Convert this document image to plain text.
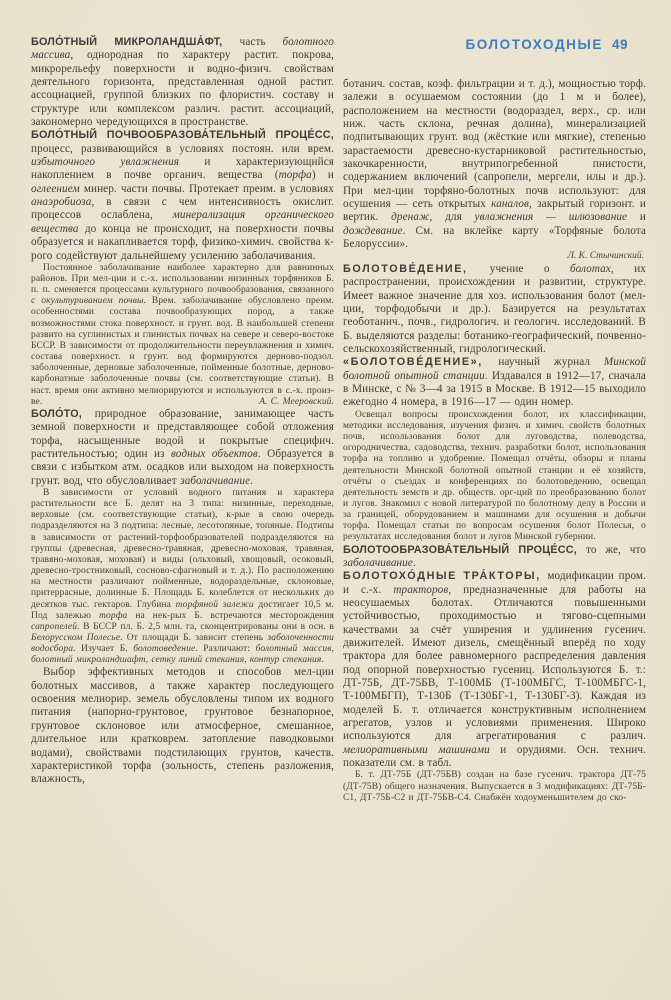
БОЛОТОХОДНЫЕ 49

БОЛО́ТНЫЙ МИКРОЛАНДША́ФТ, часть болотного массива, однородная по характеру растит. покрова, микрорельефу поверхности и водно-физич. свойствам деятельного горизонта, представленная одной растит. ассоциацией, группой близких по флористич. составу и структуре или комплексом различ. растит. ассоциаций, закономерно чередующихся в пространстве.

БОЛО́ТНЫЙ ПОЧВООБРАЗОВА́ТЕЛЬНЫЙ ПРОЦЕ́СС, процесс, развивающийся в условиях постоян. или врем. избыточного увлажнения и характеризующийся накоплением в почве органич. вещества (торфа) и оглеением минер. части почвы. Протекает преим. в условиях анаэробиоза, в связи с чем интенсивность окислит. процессов ослаблена, минерализация органического вещества до конца не происходит, на поверхности почвы образуется и накапливается торф, физико-химич. свойства к-рого содействуют дальнейшему усилению заболачивания.

Постоянное заболачивание наиболее характерно для равнинных районов. При мел-ции и с.-х. использовании низинных торфяников Б. п. п. сменяется процессами культурного почвообразования, связанного с окультуриванием почвы. Врем. заболачивание обусловлено преим. особенностями состава почвообразующих пород, а также возможностями стока поверхност. и грунт. вод. В наибольшей степени развито на суглинистых и глинистых почвах на севере и северо-востоке БССР. В зависимости от продолжительности переувлажнения и химич. состава поверхност. и грунт. вод формируются дерново-подзол. заболоченные, дерновые заболоченные, пойменные болотные, дерново-карбонатные заболоченные почвы (см. соответствующие статьи). В наст. время они активно мелиорируются и используются в с.-х. произ-ве.	А. С. Мееровский.

БОЛО́ТО, природное образование, занимающее часть земной поверхности и представляющее собой отложения торфа, насыщенные водой и покрытые специфич. растительностью; один из водных объектов. Образуется в связи с избытком атм. осадков или выходом на поверхность грунт. вод, что обусловливает заболачивание.

В зависимости от условий водного питания и характера растительности все Б. делят на 3 типа: низинные, переходные, верховые (см. соответствующие статьи), к-рые в свою очередь подразделяются на 3 подтипа: лесные, лесотопяные, топяные. Подтипы в зависимости от растений-торфообразователей подразделяются на группы (древесная, древесно-травяная, древесно-моховая, травяная, травяно-моховая, моховая) и виды (ольховый, хвощовый, осоковый, древесно-тростниковый, сосново-сфагновый и т. д.). По расположению на местности различают пойменные, водораздельные, склоновые, притеррасные, долинные Б. Площадь Б. колеблется от нескольких до десятков тыс. гектаров. Глубина торфяной залежи достигает 10,5 м. Под залежью торфа на нек-рых Б. встречаются месторождения сапропелей. В БССР пл. Б. 2,5 млн. га, сконцентрированы они в осн. в Белорусском Полесье. От площади Б. зависит степень заболоченности водосбора. Изучает Б. болотоведение. Различают: болотный массив, болотный микроландшафт, сетку линий стекания, контур стекания.

Выбор эффективных методов и способов мел-ции болотных массивов, а также характер последующего освоения мелиорир. земель обусловлены типом их водного питания (напорно-грунтовое, грунтовое безнапорное, грунтовое склоновое или атмосферное, смешанное, длительное или кратковрем. затопление паводковыми водами), свойствами подстилающих грунтов, качеств. характеристикой торфа (зольность, степень разложения, влажность,

ботанич. состав, коэф. фильтрации и т. д.), мощностью торф. залежи в осушаемом состоянии (до 1 м и более), расположением на местности (водораздел, верх., ср. или ниж. часть склона, речная долина), минерализацией подпитывающих грунт. вод (жёсткие или мягкие), степенью зарастаемости древесно-кустарниковой растительностью, закочкаренности, внутрипогребенной пнистости, содержанием включений (сапропели, мергели, илы и др.). При мел-ции торфяно-болотных почв используют: для осушения — сеть открытых каналов, закрытый горизонт. и вертик. дренаж, для увлажнения — шлюзование и дождевание. См. на вклейке карту «Торфяные болота Белоруссии».

Л. К. Стычинский.

БОЛОТОВЕ́ДЕНИЕ, учение о болотах, их распространении, происхождении и развитии, структуре. Имеет важное значение для хоз. использования болот (мел-ции, торфодобычи и др.). Базируется на результатах геоботанич., почв., гидрологич. и геологич. исследований. В Б. выделяются разделы: ботанико-географический, почвенно-сельскохозяйственный, гидрологический.

«БОЛОТОВЕ́ДЕНИЕ», научный журнал Минской болотной опытной станции. Издавался в 1912—17, сначала в Минске, с № 3—4 за 1915 в Москве. В 1912—15 выходило ежегодно 4 номера, в 1916—17 — один номер.

Освещал вопросы происхождения болот, их классификации, методики исследования, изучения физич. и химич. свойств болотных почв, использования болот для луговодства, полеводства, огородничества, садоводства, технич. разработки болот, использования торфа на топливо и удобрение. Помещал отчёты, обзоры и планы деятельности Минской болотной опытной станции и её хозяйств, отчёты о съездах и конференциях по болотоведению, освещал деятельность земств и др. обществ. орг-ций по преобразованию болот и лугов. Знакомил с новой литературой по болотному делу в России и за границей, оборудованием и машинами для осушения и добычи торфа. Помещал статьи по вопросам осушения болот Полесья, о результатах исследования болот и лугов Минской губернии.

БОЛОТООБРАЗОВА́ТЕЛЬНЫЙ ПРОЦЕ́СС, то же, что заболачивание.

БОЛОТОХО́ДНЫЕ ТРА́КТОРЫ, модификации пром. и с.-х. тракторов, предназначенные для работы на неосушаемых болотах. Отличаются повышенными устойчивостью, проходимостью и тягово-сцепными качествами за счёт уширения и удлинения гусенич. движителей. Имеют дизель, смещённый вперёд по ходу трактора для более равномерного распределения давления под опорной поверхностью гусениц. Используются Б. т.: ДТ-75Б, ДТ-75БВ, Т-100МБ (Т-100МБГС, Т-100МБГС-1, Т-100МБГП), Т-130Б (Т-130БГ-1, Т-130БГ-3). Каждая из моделей Б. т. отличается конструктивным исполнением агрегатов, узлов и условиями применения. Широко используются для агрегатирования с различ. мелиоративными машинами и орудиями. Осн. технич. показатели см. в табл.

Б. т. ДТ-75Б (ДТ-75БВ) создан на базе гусенич. трактора ДТ-75 (ДТ-75В) общего назначения. Выпускается в 3 модификациях: ДТ-75Б-С1, ДТ-75Б-С2 и ДТ-75БВ-С4. Снабжён ходоуменьшителем до ско-
